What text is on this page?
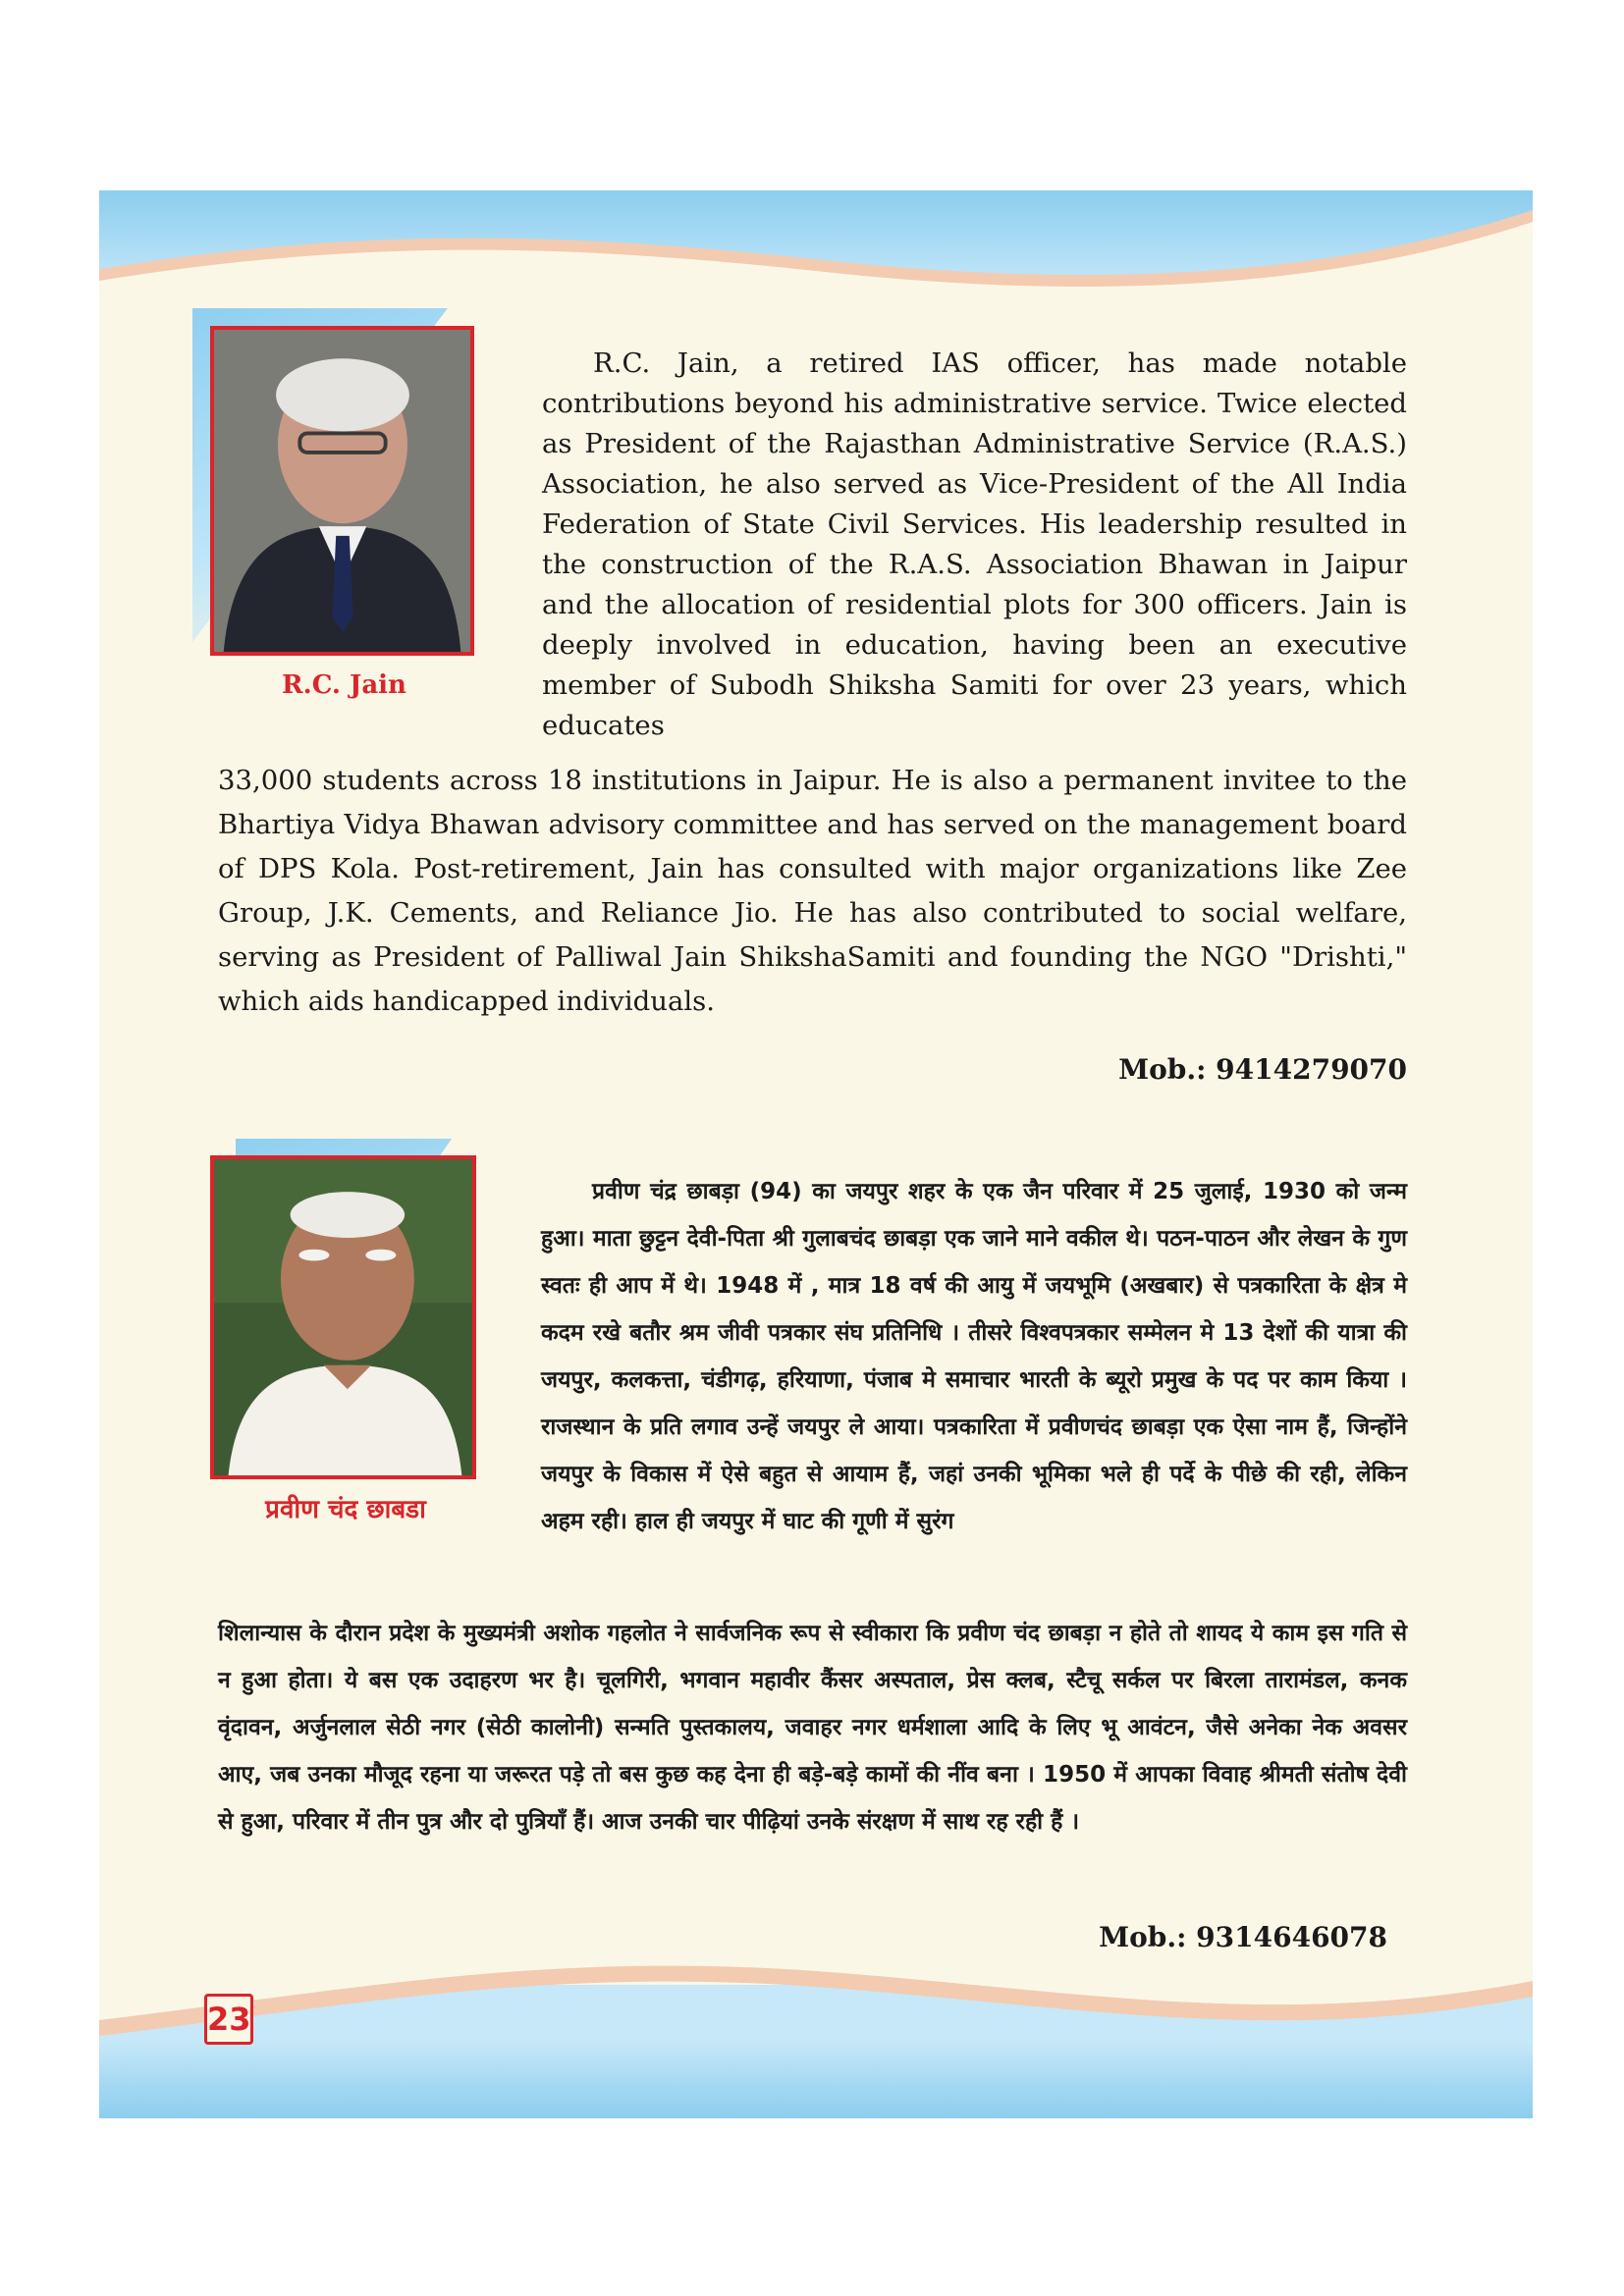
R.C. Jain

R.C. Jain, a retired IAS officer, has made notable contributions beyond his administrative service. Twice elected as President of the Rajasthan Administrative Service (R.A.S.) Association, he also served as Vice-President of the All India Federation of State Civil Services. His leadership resulted in the construction of the R.A.S. Association Bhawan in Jaipur and the allocation of residential plots for 300 officers. Jain is deeply involved in education, having been an executive member of Subodh Shiksha Samiti for over 23 years, which educates

33,000 students across 18 institutions in Jaipur. He is also a permanent invitee to the Bhartiya Vidya Bhawan advisory committee and has served on the management board of DPS Kola. Post-retirement, Jain has consulted with major organizations like Zee Group, J.K. Cements, and Reliance Jio. He has also contributed to social welfare, serving as President of Palliwal Jain ShikshaSamiti and founding the NGO "Drishti," which aids handicapped individuals.

Mob.: 9414279070
प्रवीण चंद छाबडा

प्रवीण चंद्र छाबड़ा (94) का जयपुर शहर के एक जैन परिवार में 25 जुलाई, 1930 को जन्म हुआ। माता छुट्टन देवी-पिता श्री गुलाबचंद छाबड़ा एक जाने माने वकील थे। पठन-पाठन और लेखन के गुण स्वतः ही आप में थे। 1948 में , मात्र 18 वर्ष की आयु में जयभूमि (अखबार) से पत्रकारिता के क्षेत्र मे कदम रखे बतौर श्रम जीवी पत्रकार संघ प्रतिनिधि । तीसरे विश्वपत्रकार सम्मेलन मे 13 देशों की यात्रा की जयपुर, कलकत्ता, चंडीगढ़, हरियाणा, पंजाब मे समाचार भारती के ब्यूरो प्रमुख के पद पर काम किया । राजस्थान के प्रति लगाव उन्हें जयपुर ले आया। पत्रकारिता में प्रवीणचंद छाबड़ा एक ऐसा नाम हैं, जिन्होंने जयपुर के विकास में ऐसे बहुत से आयाम हैं, जहां उनकी भूमिका भले ही पर्दे के पीछे की रही, लेकिन अहम रही। हाल ही जयपुर में घाट की गूणी में सुरंग

शिलान्यास के दौरान प्रदेश के मुख्यमंत्री अशोक गहलोत ने सार्वजनिक रूप से स्वीकारा कि प्रवीण चंद छाबड़ा न होते तो शायद ये काम इस गति से न हुआ होता। ये बस एक उदाहरण भर है। चूलगिरी, भगवान महावीर कैंसर अस्पताल, प्रेस क्लब, स्टैचू सर्कल पर बिरला तारामंडल, कनक वृंदावन, अर्जुनलाल सेठी नगर (सेठी कालोनी) सन्मति पुस्तकालय, जवाहर नगर धर्मशाला आदि के लिए भू आवंटन, जैसे अनेका नेक अवसर आए, जब उनका मौजूद रहना या जरूरत पड़े तो बस कुछ कह देना ही बड़े-बड़े कामों की नींव बना । 1950 में आपका विवाह श्रीमती संतोष देवी से हुआ, परिवार में तीन पुत्र और दो पुत्रियाँ हैं। आज उनकी चार पीढ़ियां उनके संरक्षण में साथ रह रही हैं ।

Mob.: 9314646078
23
